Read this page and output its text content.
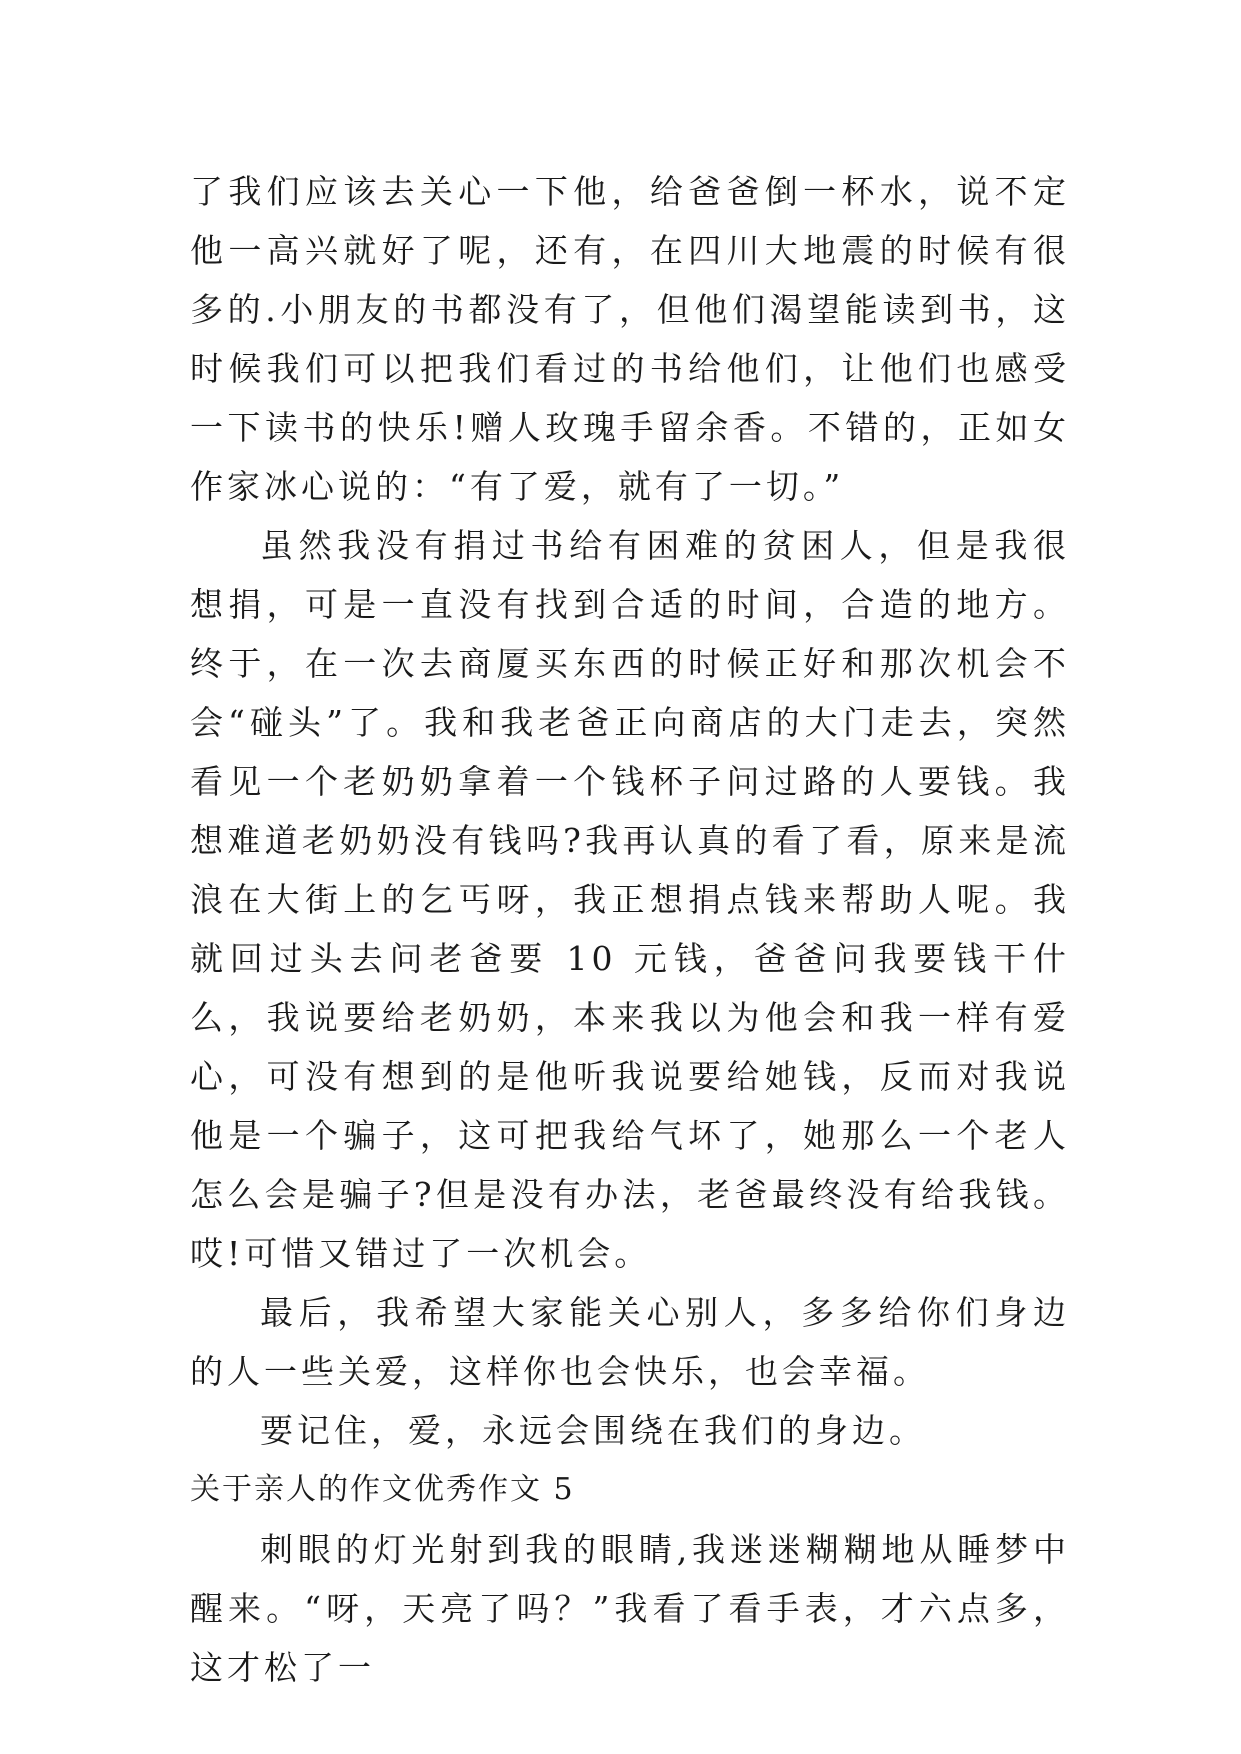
了我们应该去关心一下他，给爸爸倒一杯水，说不定他一高兴就好了呢，还有，在四川大地震的时候有很多的.小朋友的书都没有了，但他们渴望能读到书，这时候我们可以把我们看过的书给他们，让他们也感受一下读书的快乐!赠人玫瑰手留余香。不错的，正如女作家冰心说的：“有了爱，就有了一切。”

虽然我没有捐过书给有困难的贫困人，但是我很想捐，可是一直没有找到合适的时间，合造的地方。终于，在一次去商厦买东西的时候正好和那次机会不会“碰头”了。我和我老爸正向商店的大门走去，突然看见一个老奶奶拿着一个钱杯子问过路的人要钱。我想难道老奶奶没有钱吗?我再认真的看了看，原来是流浪在大街上的乞丐呀，我正想捐点钱来帮助人呢。我就回过头去问老爸要 10 元钱，爸爸问我要钱干什么，我说要给老奶奶，本来我以为他会和我一样有爱心，可没有想到的是他听我说要给她钱，反而对我说他是一个骗子，这可把我给气坏了，她那么一个老人怎么会是骗子?但是没有办法，老爸最终没有给我钱。哎!可惜又错过了一次机会。

最后，我希望大家能关心别人，多多给你们身边的人一些关爱，这样你也会快乐，也会幸福。

要记住，爱，永远会围绕在我们的身边。

关于亲人的作文优秀作文 5

刺眼的灯光射到我的眼睛,我迷迷糊糊地从睡梦中醒来。“呀，天亮了吗？”我看了看手表，才六点多，这才松了一
